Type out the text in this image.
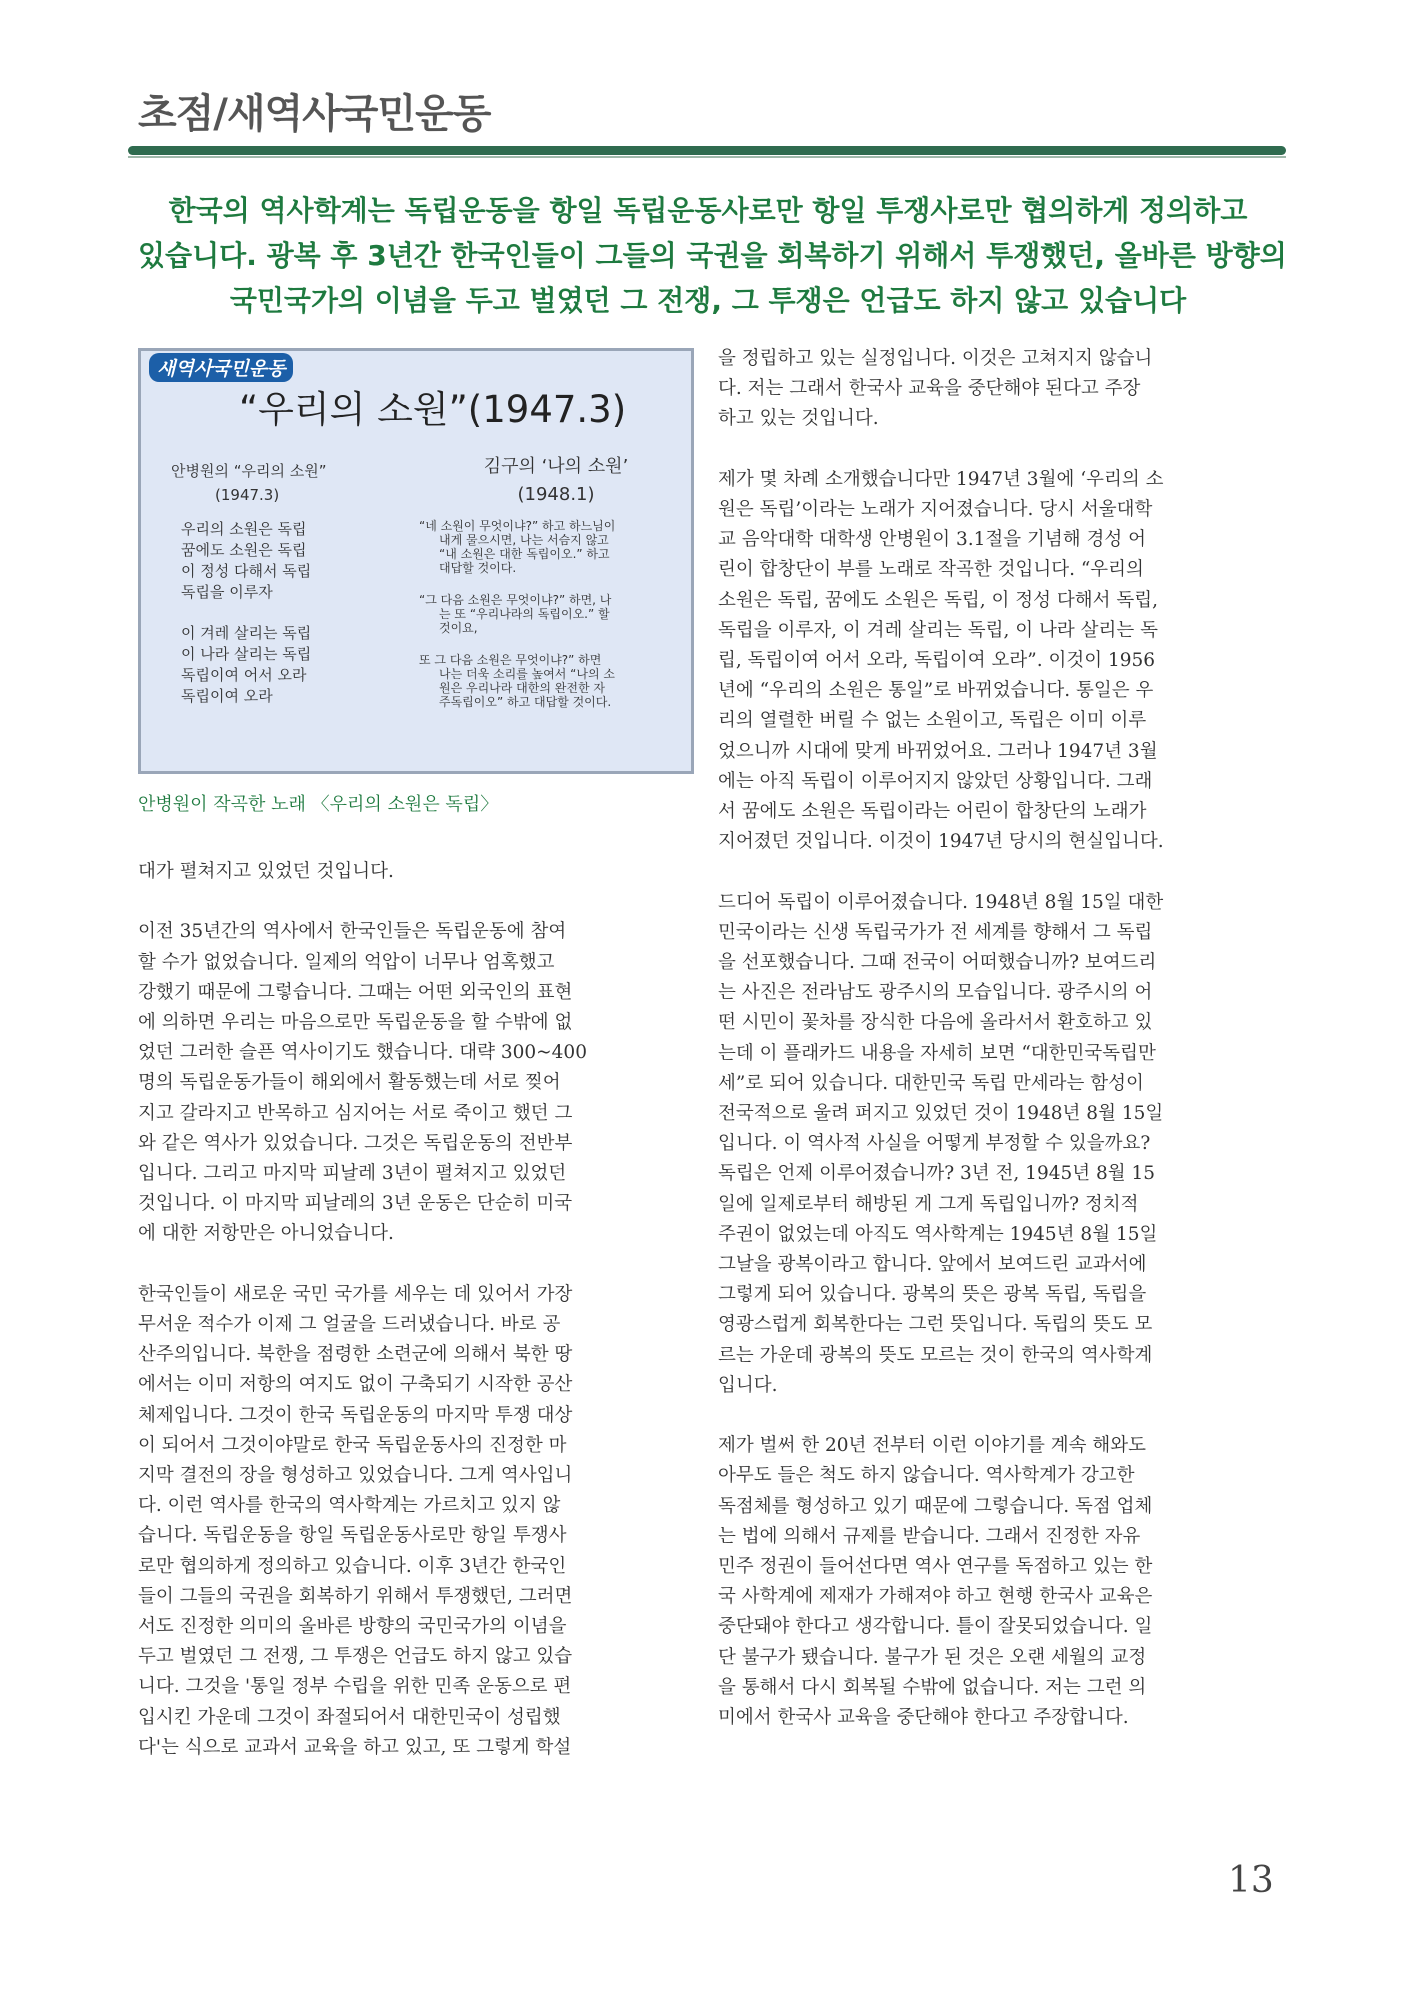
초점/새역사국민운동
한국의 역사학계는 독립운동을 항일 독립운동사로만 항일 투쟁사로만 협의하게 정의하고
있습니다. 광복 후 3년간 한국인들이 그들의 국권을 회복하기 위해서 투쟁했던, 올바른 방향의
국민국가의 이념을 두고 벌였던 그 전쟁, 그 투쟁은 언급도 하지 않고 있습니다
새역사국민운동
“우리의 소원”(1947.3)
안병원의 “우리의 소원”
(1947.3)
김구의 ‘나의 소원’
(1948.1)

우리의 소원은 독립
꿈에도 소원은 독립
이 정성 다해서 독립
독립을 이루자

이 겨레 살리는 독립
이 나라 살리는 독립
독립이여 어서 오라
독립이여 오라

“네 소원이 무엇이냐?” 하고 하느님이
내게 물으시면, 나는 서슴지 않고
“내 소원은 대한 독립이오.” 하고
대답할 것이다.

“그 다음 소원은 무엇이냐?” 하면, 나
는 또 “우리나라의 독립이오.” 할
것이요,

또 그 다음 소원은 무엇이냐?” 하면
나는 더욱 소리를 높여서 “나의 소
원은 우리나라 대한의 완전한 자
주독립이오” 하고 대답할 것이다.

안병원이 작곡한 노래 〈우리의 소원은 독립〉

대가 펼쳐지고 있었던 것입니다.

이전 35년간의 역사에서 한국인들은 독립운동에 참여

할 수가 없었습니다. 일제의 억압이 너무나 엄혹했고

강했기 때문에 그렇습니다. 그때는 어떤 외국인의 표현

에 의하면 우리는 마음으로만 독립운동을 할 수밖에 없

었던 그러한 슬픈 역사이기도 했습니다. 대략 300~400

명의 독립운동가들이 해외에서 활동했는데 서로 찢어

지고 갈라지고 반목하고 심지어는 서로 죽이고 했던 그

와 같은 역사가 있었습니다. 그것은 독립운동의 전반부

입니다. 그리고 마지막 피날레 3년이 펼쳐지고 있었던

것입니다. 이 마지막 피날레의 3년 운동은 단순히 미국

에 대한 저항만은 아니었습니다.

한국인들이 새로운 국민 국가를 세우는 데 있어서 가장

무서운 적수가 이제 그 얼굴을 드러냈습니다. 바로 공

산주의입니다. 북한을 점령한 소련군에 의해서 북한 땅

에서는 이미 저항의 여지도 없이 구축되기 시작한 공산

체제입니다. 그것이 한국 독립운동의 마지막 투쟁 대상

이 되어서 그것이야말로 한국 독립운동사의 진정한 마

지막 결전의 장을 형성하고 있었습니다. 그게 역사입니

다. 이런 역사를 한국의 역사학계는 가르치고 있지 않

습니다. 독립운동을 항일 독립운동사로만 항일 투쟁사

로만 협의하게 정의하고 있습니다. 이후 3년간 한국인

들이 그들의 국권을 회복하기 위해서 투쟁했던, 그러면

서도 진정한 의미의 올바른 방향의 국민국가의 이념을

두고 벌였던 그 전쟁, 그 투쟁은 언급도 하지 않고 있습

니다. 그것을 '통일 정부 수립을 위한 민족 운동으로 편

입시킨 가운데 그것이 좌절되어서 대한민국이 성립했

다'는 식으로 교과서 교육을 하고 있고, 또 그렇게 학설

을 정립하고 있는 실정입니다. 이것은 고쳐지지 않습니

다. 저는 그래서 한국사 교육을 중단해야 된다고 주장

하고 있는 것입니다.

제가 몇 차례 소개했습니다만 1947년 3월에 ‘우리의 소

원은 독립’이라는 노래가 지어졌습니다. 당시 서울대학

교 음악대학 대학생 안병원이 3.1절을 기념해 경성 어

린이 합창단이 부를 노래로 작곡한 것입니다. “우리의

소원은 독립, 꿈에도 소원은 독립, 이 정성 다해서 독립,

독립을 이루자, 이 겨레 살리는 독립, 이 나라 살리는 독

립, 독립이여 어서 오라, 독립이여 오라”. 이것이 1956

년에 “우리의 소원은 통일”로 바뀌었습니다. 통일은 우

리의 열렬한 버릴 수 없는 소원이고, 독립은 이미 이루

었으니까 시대에 맞게 바뀌었어요. 그러나 1947년 3월

에는 아직 독립이 이루어지지 않았던 상황입니다. 그래

서 꿈에도 소원은 독립이라는 어린이 합창단의 노래가

지어졌던 것입니다. 이것이 1947년 당시의 현실입니다.

드디어 독립이 이루어졌습니다. 1948년 8월 15일 대한

민국이라는 신생 독립국가가 전 세계를 향해서 그 독립

을 선포했습니다. 그때 전국이 어떠했습니까? 보여드리

는 사진은 전라남도 광주시의 모습입니다. 광주시의 어

떤 시민이 꽃차를 장식한 다음에 올라서서 환호하고 있

는데 이 플래카드 내용을 자세히 보면 “대한민국독립만

세”로 되어 있습니다. 대한민국 독립 만세라는 함성이

전국적으로 울려 퍼지고 있었던 것이 1948년 8월 15일

입니다. 이 역사적 사실을 어떻게 부정할 수 있을까요?

독립은 언제 이루어졌습니까? 3년 전, 1945년 8월 15

일에 일제로부터 해방된 게 그게 독립입니까? 정치적

주권이 없었는데 아직도 역사학계는 1945년 8월 15일

그날을 광복이라고 합니다. 앞에서 보여드린 교과서에

그렇게 되어 있습니다. 광복의 뜻은 광복 독립, 독립을

영광스럽게 회복한다는 그런 뜻입니다. 독립의 뜻도 모

르는 가운데 광복의 뜻도 모르는 것이 한국의 역사학계

입니다.

제가 벌써 한 20년 전부터 이런 이야기를 계속 해와도

아무도 들은 척도 하지 않습니다. 역사학계가 강고한

독점체를 형성하고 있기 때문에 그렇습니다. 독점 업체

는 법에 의해서 규제를 받습니다. 그래서 진정한 자유

민주 정권이 들어선다면 역사 연구를 독점하고 있는 한

국 사학계에 제재가 가해져야 하고 현행 한국사 교육은

중단돼야 한다고 생각합니다. 틀이 잘못되었습니다. 일

단 불구가 됐습니다. 불구가 된 것은 오랜 세월의 교정

을 통해서 다시 회복될 수밖에 없습니다. 저는 그런 의

미에서 한국사 교육을 중단해야 한다고 주장합니다.

13
